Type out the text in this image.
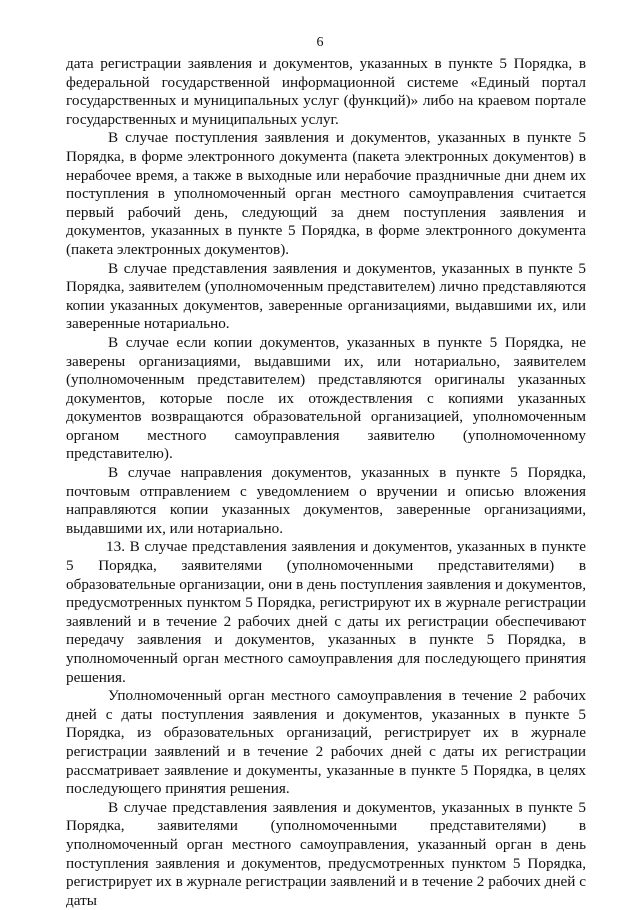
6

дата регистрации заявления и документов, указанных в пункте 5 Порядка, в федеральной государственной информационной системе «Единый портал государственных и муниципальных услуг (функций)» либо на краевом портале государственных и муниципальных услуг.

В случае поступления заявления и документов, указанных в пункте 5 Порядка, в форме электронного документа (пакета электронных документов) в нерабочее время, а также в выходные или нерабочие праздничные дни днем их поступления в уполномоченный орган местного самоуправления считается первый рабочий день, следующий за днем поступления заявления и документов, указанных в пункте 5 Порядка, в форме электронного документа (пакета электронных документов).

В случае представления заявления и документов, указанных в пункте 5 Порядка, заявителем (уполномоченным представителем) лично представляются копии указанных документов, заверенные организациями, выдавшими их, или заверенные нотариально.

В случае если копии документов, указанных в пункте 5 Порядка, не заверены организациями, выдавшими их, или нотариально, заявителем (уполномоченным представителем) представляются оригиналы указанных документов, которые после их отождествления с копиями указанных документов возвращаются образовательной организацией, уполномоченным органом местного самоуправления заявителю (уполномоченному представителю).

В случае направления документов, указанных в пункте 5 Порядка, почтовым отправлением с уведомлением о вручении и описью вложения направляются копии указанных документов, заверенные организациями, выдавшими их, или нотариально.

13. В случае представления заявления и документов, указанных в пункте 5 Порядка, заявителями (уполномоченными представителями) в образовательные организации, они в день поступления заявления и документов, предусмотренных пунктом 5 Порядка, регистрируют их в журнале регистрации заявлений и в течение 2 рабочих дней с даты их регистрации обеспечивают передачу заявления и документов, указанных в пункте 5 Порядка, в уполномоченный орган местного самоуправления для последующего принятия решения.

Уполномоченный орган местного самоуправления в течение 2 рабочих дней с даты поступления заявления и документов, указанных в пункте 5 Порядка, из образовательных организаций, регистрирует их в журнале регистрации заявлений и в течение 2 рабочих дней с даты их регистрации рассматривает заявление и документы, указанные в пункте 5 Порядка, в целях последующего принятия решения.

В случае представления заявления и документов, указанных в пункте 5 Порядка, заявителями (уполномоченными представителями) в уполномоченный орган местного самоуправления, указанный орган в день поступления заявления и документов, предусмотренных пунктом 5 Порядка, регистрирует их в журнале регистрации заявлений и в течение 2 рабочих дней с даты
